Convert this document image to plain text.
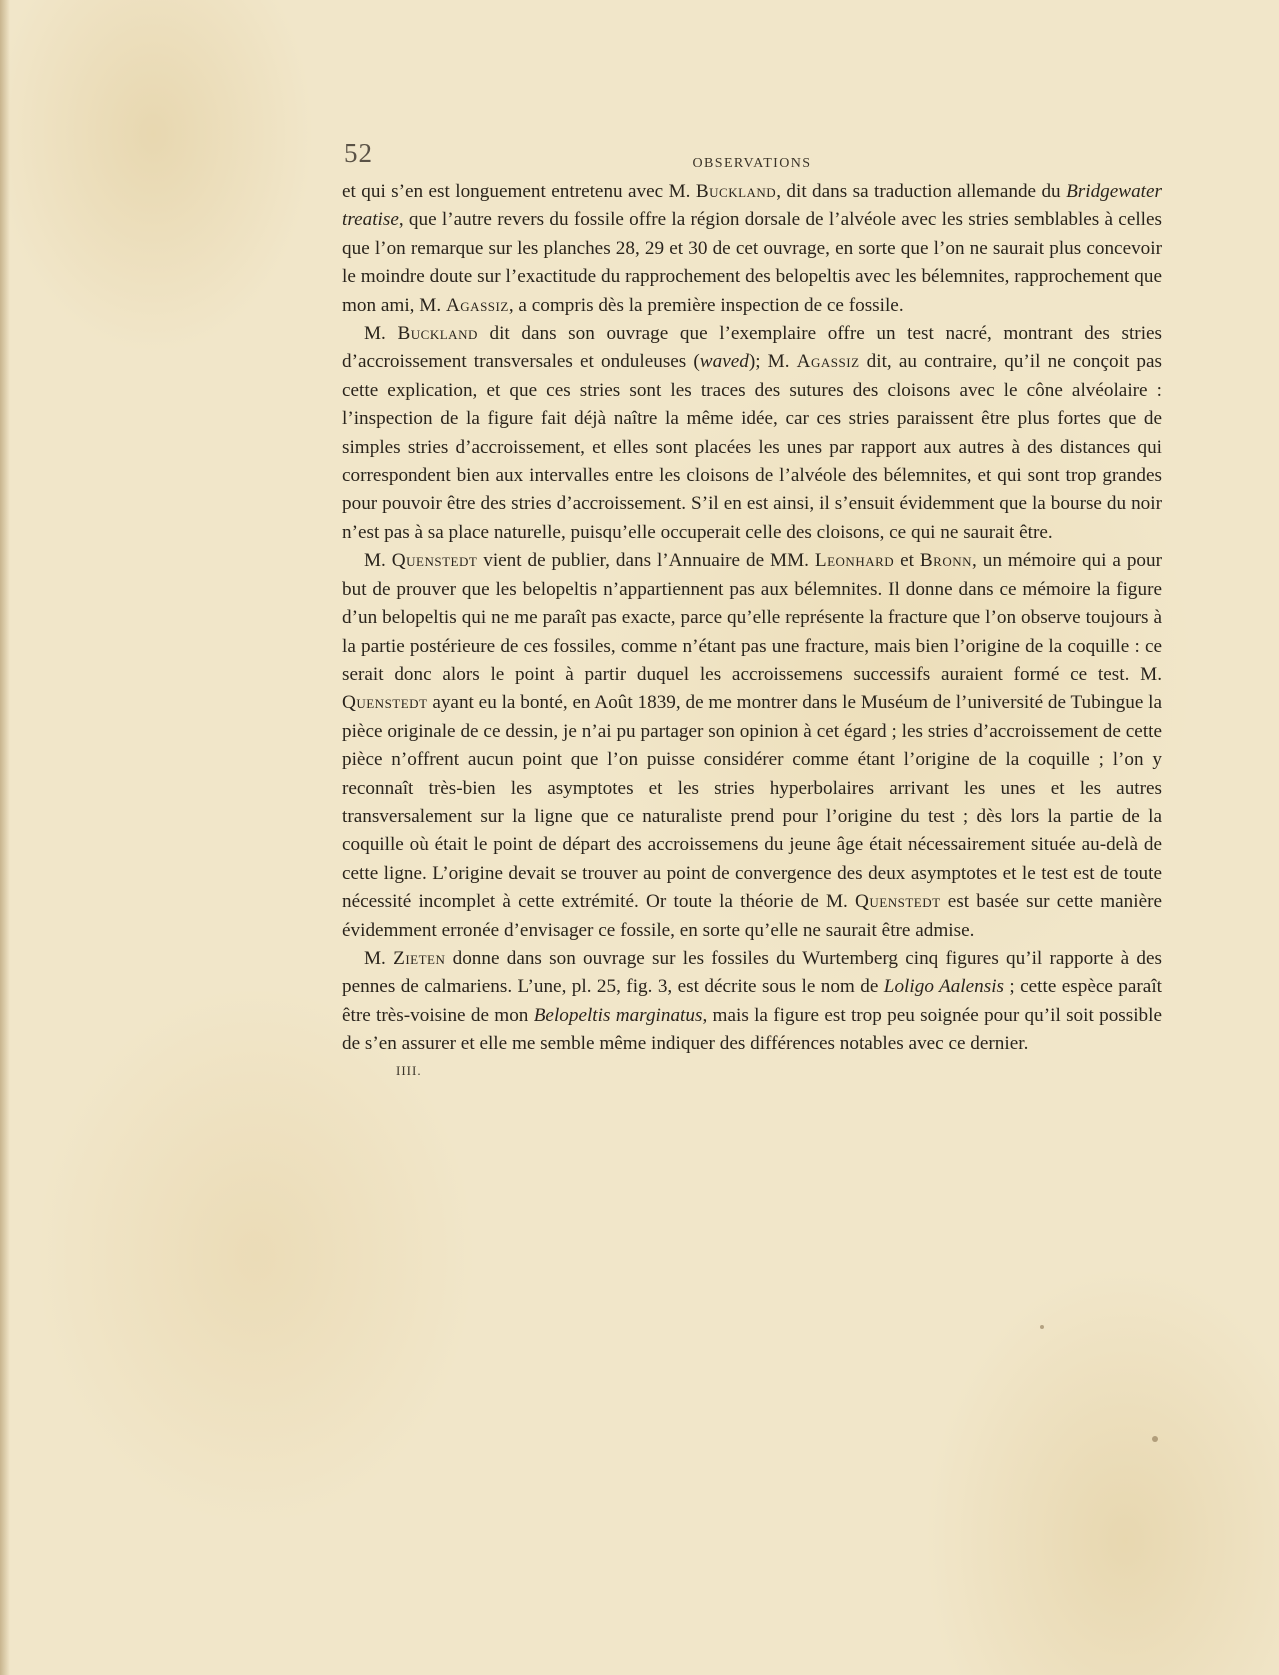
52	OBSERVATIONS

et qui s’en est longuement entretenu avec M. Buckland, dit dans sa traduction allemande du Bridgewater treatise, que l’autre revers du fossile offre la région dorsale de l’alvéole avec les stries semblables à celles que l’on remarque sur les planches 28, 29 et 30 de cet ouvrage, en sorte que l’on ne saurait plus concevoir le moindre doute sur l’exactitude du rapprochement des belopeltis avec les bélemnites, rapprochement que mon ami, M. Agassiz, a compris dès la première inspection de ce fossile.

M. Buckland dit dans son ouvrage que l’exemplaire offre un test nacré, montrant des stries d’accroissement transversales et onduleuses (waved); M. Agassiz dit, au contraire, qu’il ne conçoit pas cette explication, et que ces stries sont les traces des sutures des cloisons avec le cône alvéolaire : l’inspection de la figure fait déjà naître la même idée, car ces stries paraissent être plus fortes que de simples stries d’accroissement, et elles sont placées les unes par rapport aux autres à des distances qui correspondent bien aux intervalles entre les cloisons de l’alvéole des bélemnites, et qui sont trop grandes pour pouvoir être des stries d’accroissement. S’il en est ainsi, il s’ensuit évidemment que la bourse du noir n’est pas à sa place naturelle, puisqu’elle occuperait celle des cloisons, ce qui ne saurait être.

M. Quenstedt vient de publier, dans l’Annuaire de MM. Leonhard et Bronn, un mémoire qui a pour but de prouver que les belopeltis n’appartiennent pas aux bélemnites. Il donne dans ce mémoire la figure d’un belopeltis qui ne me paraît pas exacte, parce qu’elle représente la fracture que l’on observe toujours à la partie postérieure de ces fossiles, comme n’étant pas une fracture, mais bien l’origine de la coquille : ce serait donc alors le point à partir duquel les accroissemens successifs auraient formé ce test. M. Quenstedt ayant eu la bonté, en Août 1839, de me montrer dans le Muséum de l’université de Tubingue la pièce originale de ce dessin, je n’ai pu partager son opinion à cet égard ; les stries d’accroissement de cette pièce n’offrent aucun point que l’on puisse considérer comme étant l’origine de la coquille ; l’on y reconnaît très-bien les asymptotes et les stries hyperbolaires arrivant les unes et les autres transversalement sur la ligne que ce naturaliste prend pour l’origine du test ; dès lors la partie de la coquille où était le point de départ des accroissemens du jeune âge était nécessairement située au-delà de cette ligne. L’origine devait se trouver au point de convergence des deux asymptotes et le test est de toute nécessité incomplet à cette extrémité. Or toute la théorie de M. Quenstedt est basée sur cette manière évidemment erronée d’envisager ce fossile, en sorte qu’elle ne saurait être admise.

M. Zieten donne dans son ouvrage sur les fossiles du Wurtemberg cinq figures qu’il rapporte à des pennes de calmariens. L’une, pl. 25, fig. 3, est décrite sous le nom de Loligo Aalensis ; cette espèce paraît être très-voisine de mon Belopeltis marginatus, mais la figure est trop peu soignée pour qu’il soit possible de s’en assurer et elle me semble même indiquer des différences notables avec ce dernier.

IIII.
